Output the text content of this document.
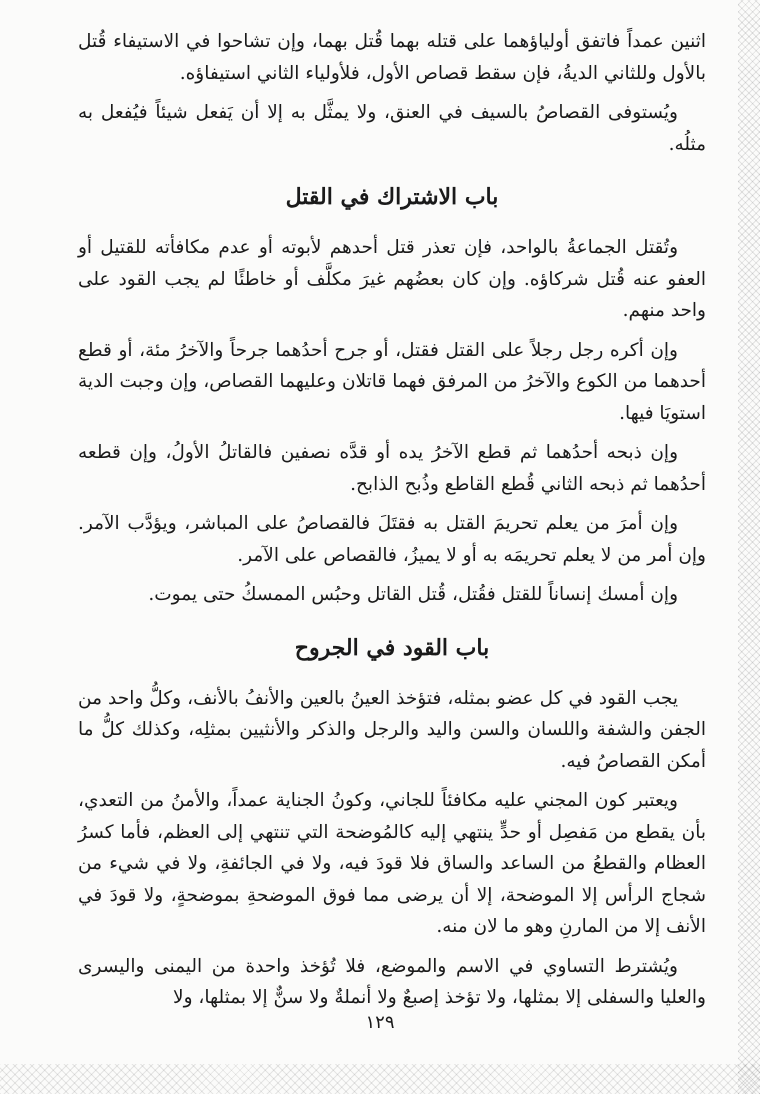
اثنين عمداً فاتفق أولياؤهما على قتله بهما قُتل بهما، وإن تشاحوا في الاستيفاء قُتل بالأول وللثاني الديةُ، فإن سقط قصاص الأول، فلأولياء الثاني استيفاؤه.

ويُستوفى القصاصُ بالسيف في العنق، ولا يمثَّل به إلا أن يَفعل شيئاً فيُفعل به مثلُه.

باب الاشتراك في القتل

وتُقتل الجماعةُ بالواحد، فإن تعذر قتل أحدهم لأبوته أو عدم مكافأته للقتيل أو العفو عنه قُتل شركاؤه. وإن كان بعضُهم غيرَ مكلَّف أو خاطئًا لم يجب القود على واحد منهم.

وإن أكره رجل رجلاً على القتل فقتل، أو جرح أحدُهما جرحاً والآخرُ مئة، أو قطع أحدهما من الكوع والآخرُ من المرفق فهما قاتلان وعليهما القصاص، وإن وجبت الدية استويَا فيها.

وإن ذبحه أحدُهما ثم قطع الآخرُ يده أو قدَّه نصفين فالقاتلُ الأولُ، وإن قطعه أحدُهما ثم ذبحه الثاني قُطع القاطع وذُبح الذابح.

وإن أمرَ من يعلم تحريمَ القتل به فقتَلَ فالقصاصُ على المباشر، ويؤدَّب الآمر. وإن أمر من لا يعلم تحريمَه به أو لا يميزُ، فالقصاص على الآمر.

وإن أمسك إنساناً للقتل فقُتل، قُتل القاتل وحبُس الممسكُ حتى يموت.

باب القود في الجروح

يجب القود في كل عضو بمثله، فتؤخذ العينُ بالعين والأنفُ بالأنف، وكلُّ واحد من الجفن والشفة واللسان والسن واليد والرجل والذكر والأنثيين بمثلِه، وكذلك كلُّ ما أمكن القصاصُ فيه.

ويعتبر كون المجني عليه مكافئاً للجاني، وكونُ الجناية عمداً، والأمنُ من التعدي، بأن يقطع من مَفصِل أو حدٍّ ينتهي إليه كالمُوضحة التي تنتهي إلى العظم، فأما كسرُ العظام والقطعُ من الساعد والساق فلا قودَ فيه، ولا في الجائفةِ، ولا في شيء من شجاج الرأس إلا الموضحة، إلا أن يرضى مما فوق الموضحةِ بموضحةٍ، ولا قودَ في الأنف إلا من المارنِ وهو ما لان منه.

ويُشترط التساوي في الاسم والموضع، فلا تُؤخذ واحدة من اليمنى واليسرى والعليا والسفلى إلا بمثلها، ولا تؤخذ إصبعٌ ولا أنملةٌ ولا سنٌّ إلا بمثلها، ولا

١٢٩
